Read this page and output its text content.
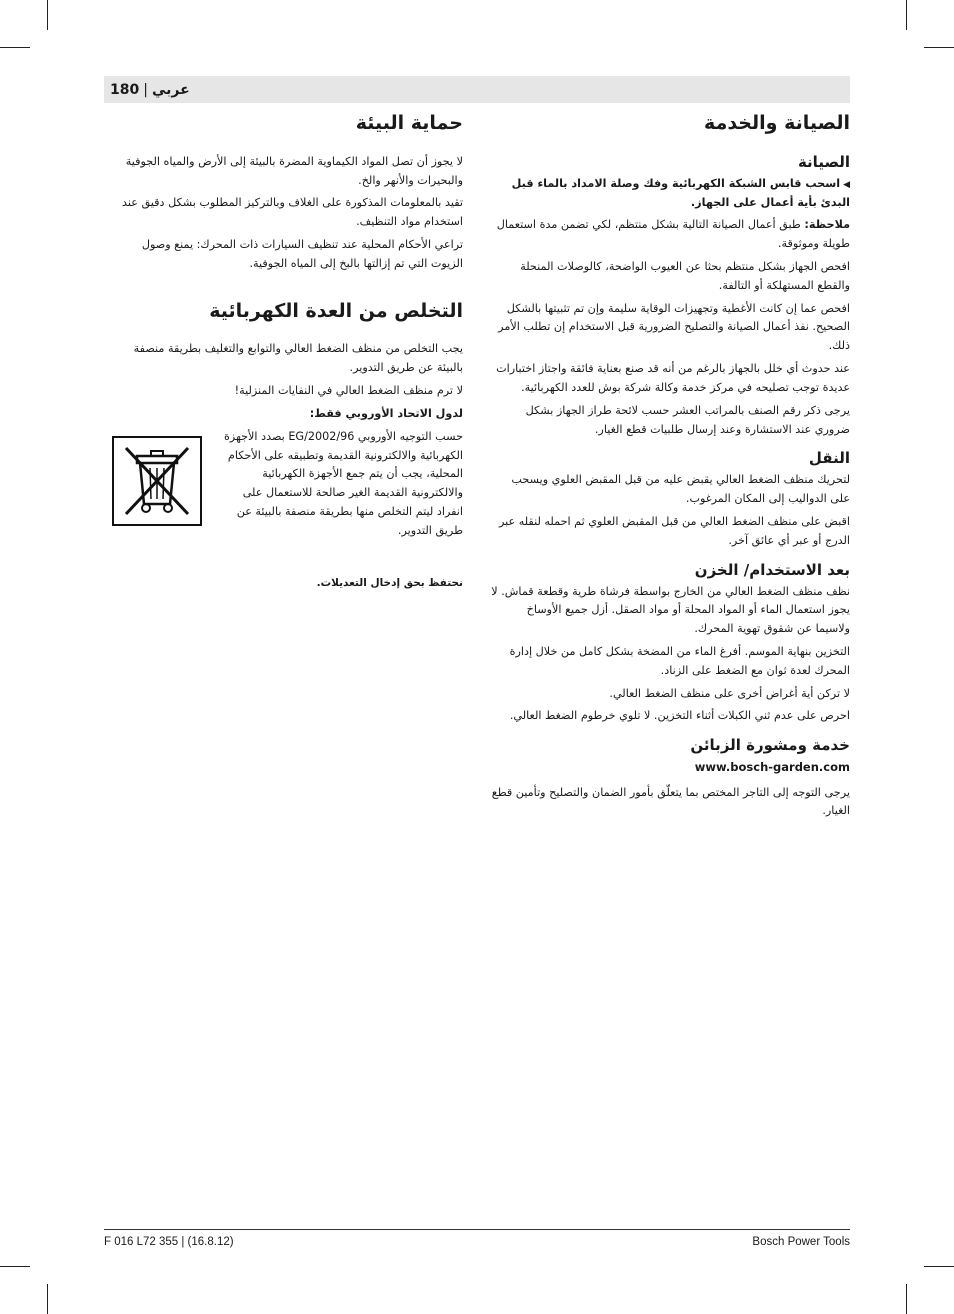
180 | عربي
الصيانة والخدمة
الصيانة

◀اسحب قابس الشبكة الكهربائية وفك وصلة الامداد بالماء قبل البدئ بأية أعمال على الجهاز.

ملاحظة: طبق أعمال الصيانة التالية بشكل منتظم، لكي تضمن مدة استعمال طويلة وموثوقة.

افحص الجهاز بشكل منتظم بحثا عن العيوب الواضحة، كالوصلات المنحلة والقطع المستهلكة أو التالفة.

افحص عما إن كانت الأغطية وتجهيزات الوقاية سليمة وإن تم تثبيتها بالشكل الصحيح. نفذ أعمال الصيانة والتصليح الضرورية قبل الاستخدام إن تطلب الأمر ذلك.

عند حدوث أي خلل بالجهاز بالرغم من أنه قد صنع بعناية فائقة واجتاز اختبارات عديدة توجب تصليحه في مركز خدمة وكالة شركة بوش للعدد الكهربائية.

يرجى ذكر رقم الصنف بالمراتب العشر حسب لائحة طراز الجهاز بشكل ضروري عند الاستشارة وعند إرسال طلبيات قطع الغيار.

النقل

لتحريك منظف الضغط العالي يقبض عليه من قبل المقبض العلوي ويسحب على الدواليب إلى المكان المرغوب.

اقبض على منظف الضغط العالي من قبل المقبض العلوي ثم احمله لنقله عبر الدرج أو عبر أي عائق آخر.

بعد الاستخدام/ الخزن

نظف منظف الضغط العالي من الخارج بواسطة فرشاة طرية وقطعة قماش. لا يجوز استعمال الماء أو المواد المحلة أو مواد الصقل. أزل جميع الأوساخ ولاسيما عن شقوق تهوية المحرك.

التخزين بنهاية الموسم. أفرغ الماء من المضخة بشكل كامل من خلال إدارة المحرك لعدة ثوان مع الضغط على الزناد.

لا تركن أية أغراض أخرى على منظف الضغط العالي.

احرص على عدم ثني الكبلات أثناء التخزين. لا تلوي خرطوم الضغط العالي.

خدمة ومشورة الزبائن

www.bosch-garden.com

يرجى التوجه إلى التاجر المختص بما يتعلّق بأمور الضمان والتصليح وتأمين قطع الغيار.

حماية البيئة

لا يجوز أن تصل المواد الكيماوية المضرة بالبيئة إلى الأرض والمياه الجوفية والبحيرات والأنهر والخ.

تقيد بالمعلومات المذكورة على الغلاف وبالتركيز المطلوب بشكل دقيق عند استخدام مواد التنظيف.

تراعي الأحكام المحلية عند تنظيف السيارات ذات المحرك: يمنع وصول الزيوت التي تم إزالتها بالبخ إلى المياه الجوفية.

التخلص من العدة الكهربائية

يجب التخلص من منظف الضغط العالي والتوابع والتغليف بطريقة منصفة بالبيئة عن طريق التدوير.

لا ترم منظف الضغط العالي في النفايات المنزلية!

لدول الاتحاد الأوروبي فقط:

حسب التوجيه الأوروبي 2002/96/EG بصدد الأجهزة الكهربائية والالكترونية القديمة وتطبيقه على الأحكام المحلية، يجب أن يتم جمع الأجهزة الكهربائية والالكترونية القديمة الغير صالحة للاستعمال على انفراد ليتم التخلص منها بطريقة منصفة بالبيئة عن طريق التدوير.

نحتفظ بحق إدخال التعديلات.

F 016 L72 355 | (16.8.12)	Bosch Power Tools
